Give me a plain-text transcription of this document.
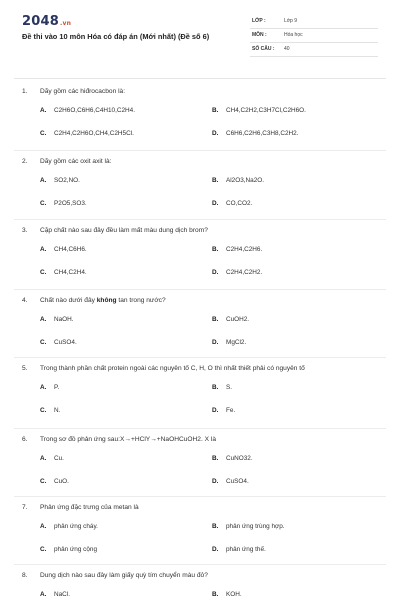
2048.vn
Đề thi vào 10 môn Hóa có đáp án (Mới nhất) (Đề số 6)
LỚP :	Lớp 9
MÔN :	Hóa học
SỐ CÂU : 40
1. Dãy gồm các hiđrocacbon là:
A. C2H6O,C6H6,C4H10,C2H4.	B. CH4,C2H2,C3H7Cl,C2H6O.
C. C2H4,C2H6O,CH4,C2H5Cl.	D. C6H6,C2H6,C3H8,C2H2.
2. Dãy gồm các oxit axit là:
A. SO2,NO.	B. Al2O3,Na2O.
C. P2O5,SO3.	D. CO,CO2.
3. Cặp chất nào sau đây đều làm mất màu dung dịch brom?
A. CH4,C6H6.	B. C2H4,C2H6.
C. CH4,C2H4.	D. C2H4,C2H2.
4. Chất nào dưới đây không tan trong nước?
A. NaOH.	B. CuOH2.
C. CuSO4.	D. MgCl2.
5. Trong thành phần chất protein ngoài các nguyên tố C, H, O thì nhất thiết phải có nguyên tố
A. P.	B. S.
C. N.	D. Fe.
6. Trong sơ đồ phản ứng sau:X→+HClY→+NaOHCuOH2. X là
A. Cu.	B. CuNO32.
C. CuO.	D. CuSO4.
7. Phản ứng đặc trưng của metan là
A. phản ứng cháy.	B. phản ứng trùng hợp.
C. phản ứng cộng	D. phản ứng thế.
8. Dung dịch nào sau đây làm giấy quỳ tím chuyển màu đỏ?
A. NaCl.	B. KOH.
